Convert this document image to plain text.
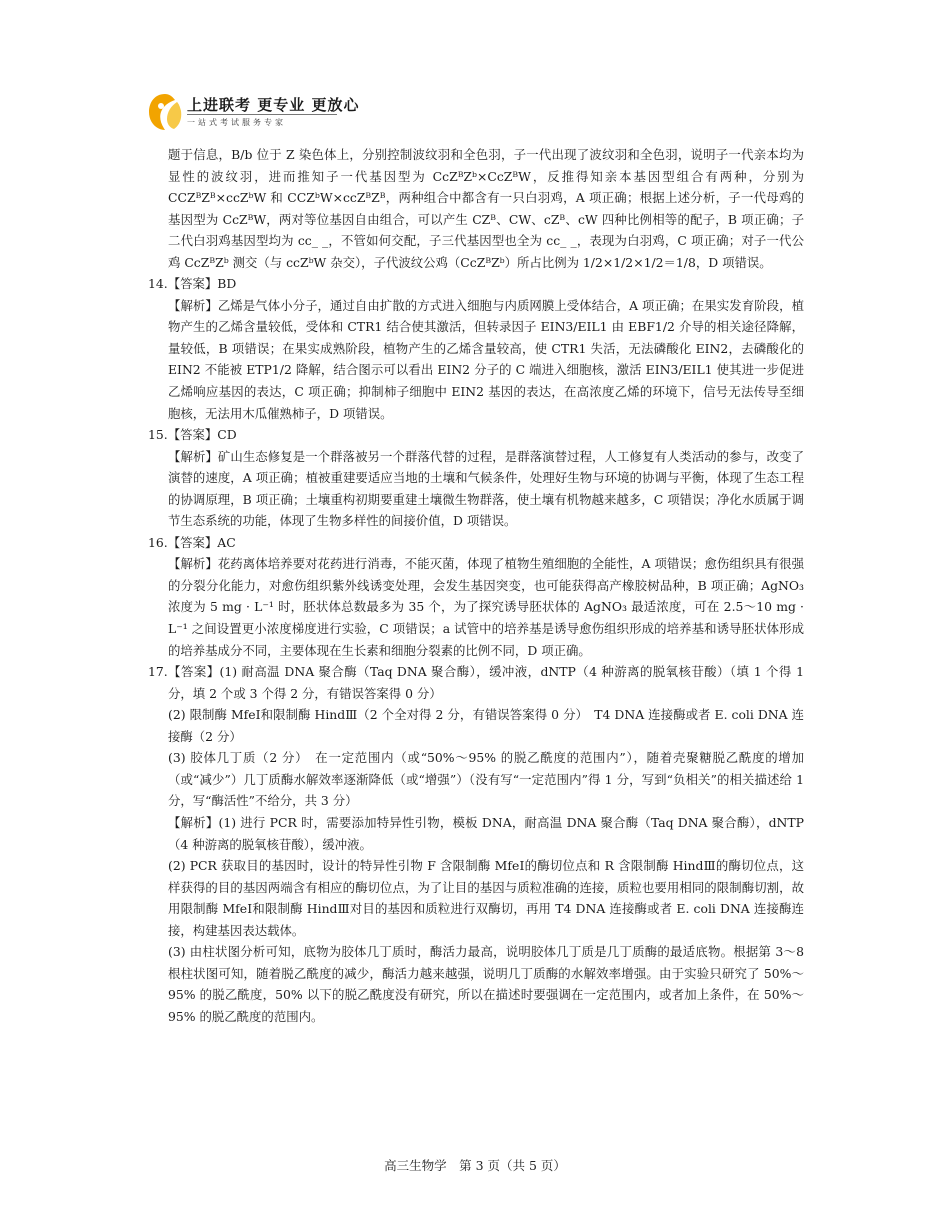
上进联考 更专业 更放心
一站式考试服务专家

题于信息，B/b 位于 Z 染色体上，分别控制波纹羽和全色羽，子一代出现了波纹羽和全色羽，说明子一代亲本均为显性的波纹羽，进而推知子一代基因型为 CcZᴮZᵇ×CcZᴮW，反推得知亲本基因型组合有两种，分别为 CCZᴮZᴮ×ccZᵇW 和 CCZᵇW×ccZᴮZᴮ，两种组合中都含有一只白羽鸡，A 项正确；根据上述分析，子一代母鸡的基因型为 CcZᴮW，两对等位基因自由组合，可以产生 CZᴮ、CW、cZᴮ、cW 四种比例相等的配子，B 项正确；子二代白羽鸡基因型均为 cc_ _，不管如何交配，子三代基因型也全为 cc_ _，表现为白羽鸡，C 项正确；对子一代公鸡 CcZᴮZᵇ 测交（与 ccZᵇW 杂交），子代波纹公鸡（CcZᴮZᵇ）所占比例为 1/2×1/2×1/2＝1/8，D 项错误。

14.【答案】BD

【解析】乙烯是气体小分子，通过自由扩散的方式进入细胞与内质网膜上受体结合，A 项正确；在果实发育阶段，植物产生的乙烯含量较低，受体和 CTR1 结合使其激活，但转录因子 EIN3/EIL1 由 EBF1/2 介导的相关途径降解，量较低，B 项错误；在果实成熟阶段，植物产生的乙烯含量较高，使 CTR1 失活，无法磷酸化 EIN2，去磷酸化的 EIN2 不能被 ETP1/2 降解，结合图示可以看出 EIN2 分子的 C 端进入细胞核，激活 EIN3/EIL1 使其进一步促进乙烯响应基因的表达，C 项正确；抑制柿子细胞中 EIN2 基因的表达，在高浓度乙烯的环境下，信号无法传导至细胞核，无法用木瓜催熟柿子，D 项错误。

15.【答案】CD

【解析】矿山生态修复是一个群落被另一个群落代替的过程，是群落演替过程，人工修复有人类活动的参与，改变了演替的速度，A 项正确；植被重建要适应当地的土壤和气候条件，处理好生物与环境的协调与平衡，体现了生态工程的协调原理，B 项正确；土壤重构初期要重建土壤微生物群落，使土壤有机物越来越多，C 项错误；净化水质属于调节生态系统的功能，体现了生物多样性的间接价值，D 项错误。

16.【答案】AC

【解析】花药离体培养要对花药进行消毒，不能灭菌，体现了植物生殖细胞的全能性，A 项错误；愈伤组织具有很强的分裂分化能力，对愈伤组织紫外线诱变处理，会发生基因突变，也可能获得高产橡胶树品种，B 项正确；AgNO₃ 浓度为 5 mg · L⁻¹ 时，胚状体总数最多为 35 个，为了探究诱导胚状体的 AgNO₃ 最适浓度，可在 2.5～10 mg · L⁻¹ 之间设置更小浓度梯度进行实验，C 项错误；a 试管中的培养基是诱导愈伤组织形成的培养基和诱导胚状体形成的培养基成分不同，主要体现在生长素和细胞分裂素的比例不同，D 项正确。

17.【答案】(1) 耐高温 DNA 聚合酶（Taq DNA 聚合酶），缓冲液，dNTP（4 种游离的脱氧核苷酸）（填 1 个得 1 分，填 2 个或 3 个得 2 分，有错误答案得 0 分）

(2) 限制酶 MfeⅠ和限制酶 HindⅢ（2 个全对得 2 分，有错误答案得 0 分）　T4 DNA 连接酶或者 E. coli DNA 连接酶（2 分）

(3) 胶体几丁质（2 分）　在一定范围内（或“50%～95% 的脱乙酰度的范围内”），随着壳聚糖脱乙酰度的增加（或“减少”）几丁质酶水解效率逐渐降低（或“增强”）（没有写“一定范围内”得 1 分，写到“负相关”的相关描述给 1 分，写“酶活性”不给分，共 3 分）

【解析】(1) 进行 PCR 时，需要添加特异性引物，模板 DNA，耐高温 DNA 聚合酶（Taq DNA 聚合酶），dNTP（4 种游离的脱氧核苷酸），缓冲液。

(2) PCR 获取目的基因时，设计的特异性引物 F 含限制酶 MfeⅠ的酶切位点和 R 含限制酶 HindⅢ的酶切位点，这样获得的目的基因两端含有相应的酶切位点，为了让目的基因与质粒准确的连接，质粒也要用相同的限制酶切割，故用限制酶 MfeⅠ和限制酶 HindⅢ对目的基因和质粒进行双酶切，再用 T4 DNA 连接酶或者 E. coli DNA 连接酶连接，构建基因表达载体。

(3) 由柱状图分析可知，底物为胶体几丁质时，酶活力最高，说明胶体几丁质是几丁质酶的最适底物。根据第 3～8 根柱状图可知，随着脱乙酰度的减少，酶活力越来越强，说明几丁质酶的水解效率增强。由于实验只研究了 50%～95% 的脱乙酰度，50% 以下的脱乙酰度没有研究，所以在描述时要强调在一定范围内，或者加上条件，在 50%～95% 的脱乙酰度的范围内。

高三生物学　第 3 页（共 5 页）
